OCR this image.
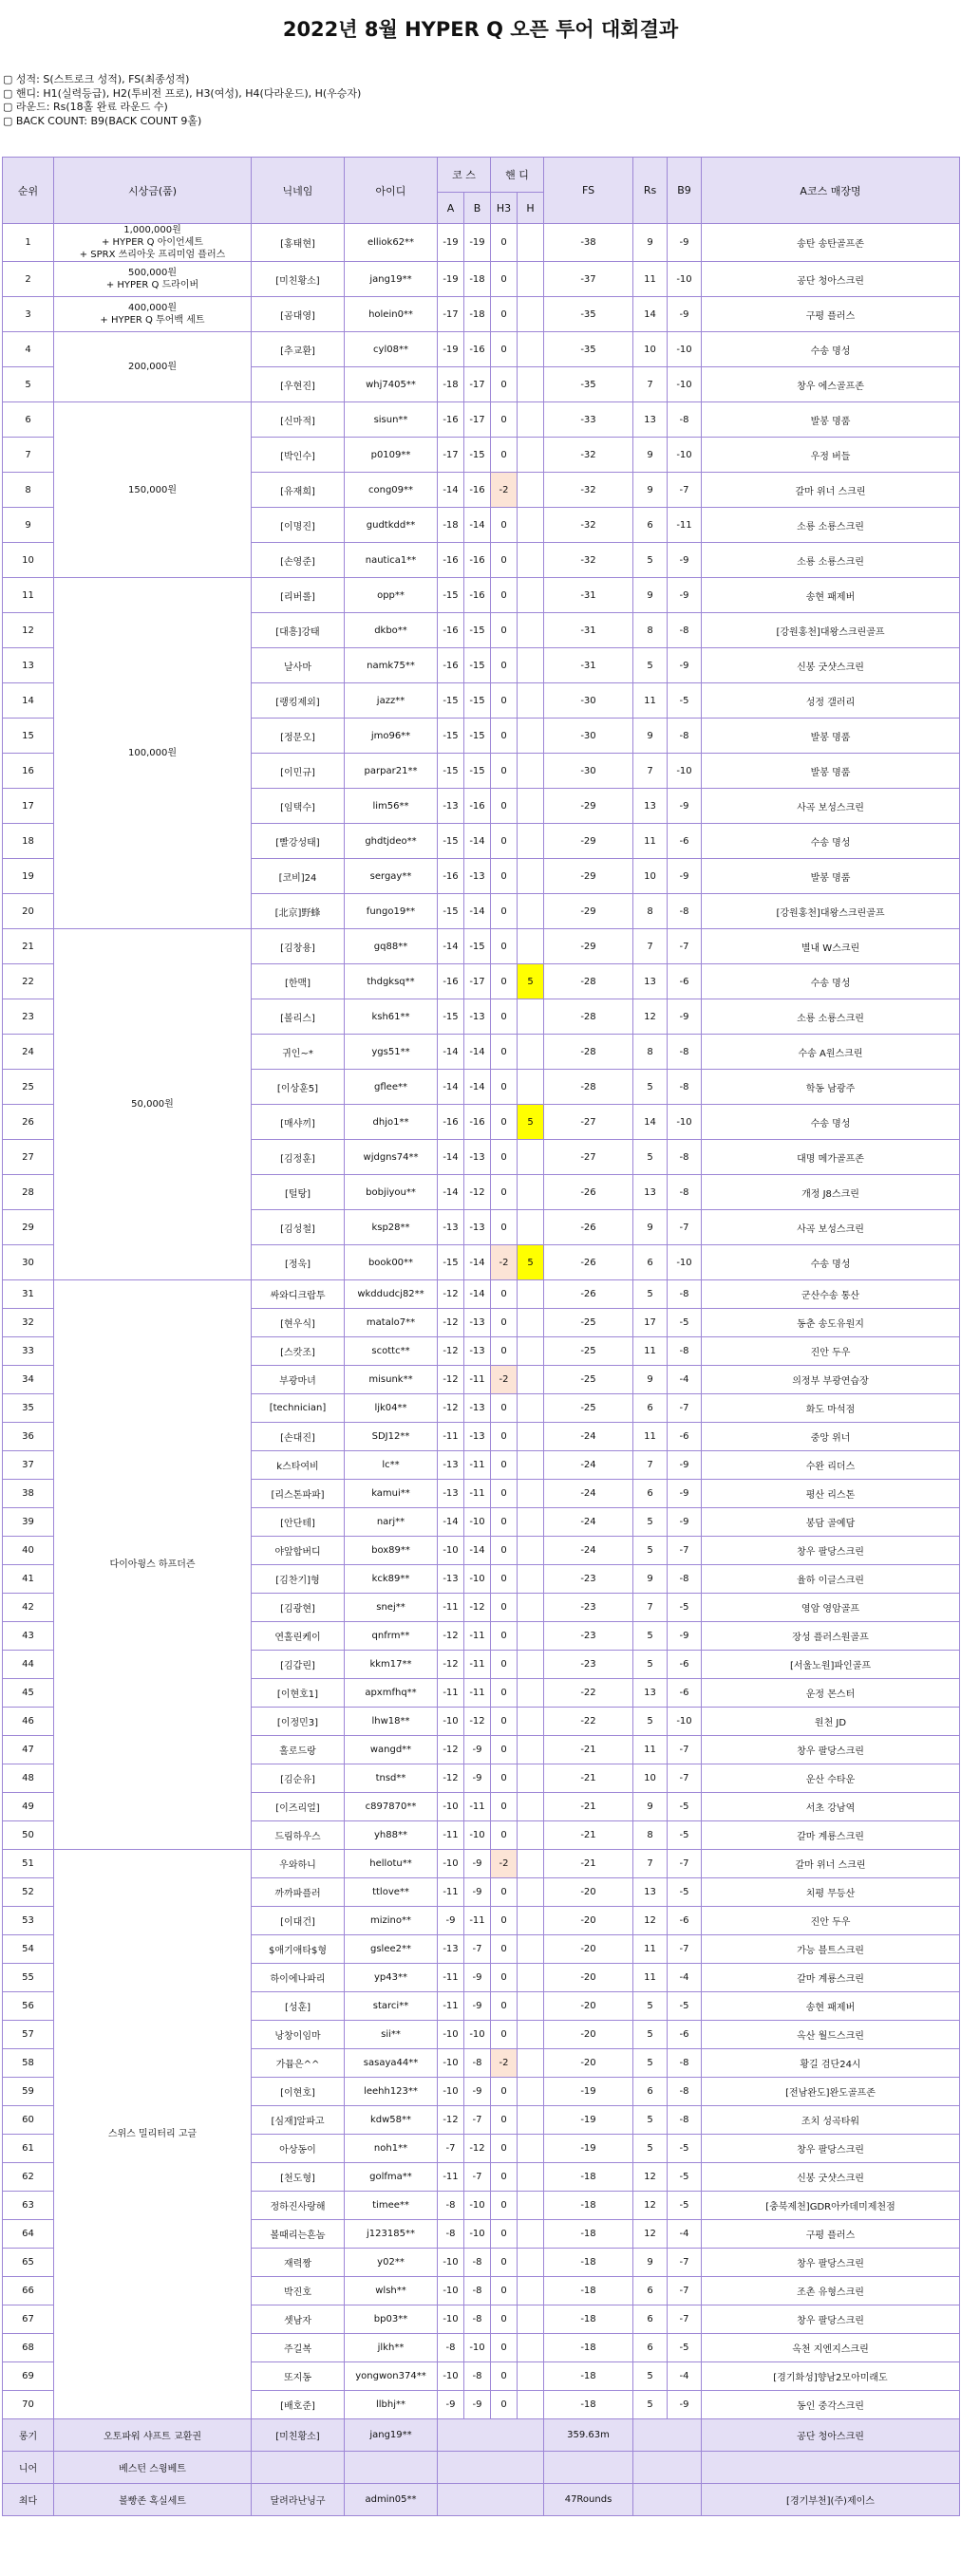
2022년 8월 HYPER Q 오픈 투어 대회결과
▢ 성적: S(스트로크 성적), FS(최종성적)
▢ 핸디: H1(실력등급), H2(투비전 프로), H3(여성), H4(다라운드), H(우승자)
▢ 라운드: Rs(18홀 완료 라운드 수)
▢ BACK COUNT: B9(BACK COUNT 9홀)
순위	시상금(품)	닉네임	아이디	코 스		핸 디		FS	Rs	B9	A코스 매장명
				A	B	H3	H				
1	1,000,000원
+ HYPER Q 아이언세트
+ SPRX 쓰리아웃 프리미엄 플러스	[홍태현]	elliok62**	-19	-19	0		-38	9	-9	송탄 송탄골프존
2	500,000원
+ HYPER Q 드라이버	[미친황소]	jang19**	-19	-18	0		-37	11	-10	공단 청아스크린
3	400,000원
+ HYPER Q 투어백 세트	[곰대영]	holein0**	-17	-18	0		-35	14	-9	구평 플러스
4	200,000원	[추교환]	cyl08**	-19	-16	0		-35	10	-10	수송 명성
5		[우현진]	whj7405**	-18	-17	0		-35	7	-10	창우 에스골프존
6	150,000원	[신마적]	sisun**	-16	-17	0		-33	13	-8	발봉 명품
7		[박인수]	p0109**	-17	-15	0		-32	9	-10	우정 버들
8		[유재희]	cong09**	-14	-16	-2		-32	9	-7	갈마 위너 스크린
9		[이명진]	gudtkdd**	-18	-14	0		-32	6	-11	소룡 소룡스크린
10		[손영준]	nautica1**	-16	-16	0		-32	5	-9	소룡 소룡스크린
11	100,000원	[리버롤]	opp**	-15	-16	0		-31	9	-9	송현 패제버
12		[대흥]강태	dkbo**	-16	-15	0		-31	8	-8	[강원홍천]대왕스크린골프
13		날사마	namk75**	-16	-15	0		-31	5	-9	신봉 굿샷스크린
14		[랭킹제외]	jazz**	-15	-15	0		-30	11	-5	성정 갤러리
15		[정문오]	jmo96**	-15	-15	0		-30	9	-8	발봉 명품
16		[이민규]	parpar21**	-15	-15	0		-30	7	-10	발봉 명품
17		[임택수]	lim56**	-13	-16	0		-29	13	-9	사곡 보성스크린
18		[빨강성태]	ghdtjdeo**	-15	-14	0		-29	11	-6	수송 명성
19		[코비]24	sergay**	-16	-13	0		-29	10	-9	발봉 명품
20		[北京]野蜂	fungo19**	-15	-14	0		-29	8	-8	[강원홍천]대왕스크린골프
21	50,000원	[김창용]	gq88**	-14	-15	0		-29	7	-7	별내 W스크린
22		[한맥]	thdgksq**	-16	-17	0	5	-28	13	-6	수송 명성
23		[볼리스]	ksh61**	-15	-13	0		-28	12	-9	소룡 소룡스크린
24		귀인~*	ygs51**	-14	-14	0		-28	8	-8	수송 A원스크린
25		[이상훈5]	gflee**	-14	-14	0		-28	5	-8	학동 남광주
26		[매샤끼]	dhjo1**	-16	-16	0	5	-27	14	-10	수송 명성
27		[김정훈]	wjdgns74**	-14	-13	0		-27	5	-8	대명 메가골프존
28		[털탕]	bobjiyou**	-14	-12	0		-26	13	-8	개정 J8스크린
29		[김성철]	ksp28**	-13	-13	0		-26	9	-7	사곡 보성스크린
30		[정욱]	book00**	-15	-14	-2	5	-26	6	-10	수송 명성
31	다이아윙스 하프더즌	싸와디크랍투	wkddudcj82**	-12	-14	0		-26	5	-8	군산수송 통산
32		[현우식]	matalo7**	-12	-13	0		-25	17	-5	동춘 송도유원지
33		[스캇조]	scottc**	-12	-13	0		-25	11	-8	진안 두우
34		부광마녀	misunk**	-12	-11	-2		-25	9	-4	의정부 부광연습장
35		[technician]	ljk04**	-12	-13	0		-25	6	-7	화도 마석점
36		[손대진]	SDJ12**	-11	-13	0		-24	11	-6	중앙 위너
37		k스타여비	lc**	-13	-11	0		-24	7	-9	수완 리더스
38		[리스톤파파]	kamui**	-13	-11	0		-24	6	-9	평산 리스톤
39		[안단테]	narj**	-14	-10	0		-24	5	-9	봉담 골예담
40		야앞합버디	box89**	-10	-14	0		-24	5	-7	창우 팔당스크린
41		[김찬기]형	kck89**	-13	-10	0		-23	9	-8	율하 이글스크린
42		[김광현]	snej**	-11	-12	0		-23	7	-5	영암 영암골프
43		연홀린케이	qnfrm**	-12	-11	0		-23	5	-9	장성 플러스원골프
44		[김갑린]	kkm17**	-12	-11	0		-23	5	-6	[서울노원]파인골프
45		[이현호1]	apxmfhq**	-11	-11	0		-22	13	-6	운정 몬스터
46		[이정민3]	lhw18**	-10	-12	0		-22	5	-10	원천 JD
47		홀로드랑	wangd**	-12	-9	0		-21	11	-7	창우 팔당스크린
48		[김순유]	tnsd**	-12	-9	0		-21	10	-7	운산 수타운
49		[이즈리얼]	c897870**	-10	-11	0		-21	9	-5	서초 강남역
50		드림하우스	yh88**	-11	-10	0		-21	8	-5	갈마 계룡스크린
51	스위스 밀리터리 고글	우와하니	hellotu**	-10	-9	-2		-21	7	-7	갈마 위너 스크린
52		까까파플러	ttlove**	-11	-9	0		-20	13	-5	치평 무등산
53		[이대건]	mizino**	-9	-11	0		-20	12	-6	진안 두우
54		$애기애타$형	gslee2**	-13	-7	0		-20	11	-7	가능 블트스크린
55		하이에나파리	yp43**	-11	-9	0		-20	11	-4	갈마 계룡스크린
56		[성훈]	starci**	-11	-9	0		-20	5	-5	송현 패제버
57		낭창이임마	sii**	-10	-10	0		-20	5	-6	옥산 월드스크린
58		가뮴은^^	sasaya44**	-10	-8	-2		-20	5	-8	황길 검단24시
59		[이현호]	leehh123**	-10	-9	0		-19	6	-8	[전남완도]완도골프존
60		[심재]알파고	kdw58**	-12	-7	0		-19	5	-8	조치 성곡타워
61		아상동이	noh1**	-7	-12	0		-19	5	-5	창우 팔당스크린
62		[천도형]	golfma**	-11	-7	0		-18	12	-5	신봉 굿샷스크린
63		정하진사랑해	timee**	-8	-10	0		-18	12	-5	[충북제천]GDR아카데미제천점
64		볼때리는흔놈	j123185**	-8	-10	0		-18	12	-4	구평 플러스
65		재력짱	y02**	-10	-8	0		-18	9	-7	창우 팔당스크린
66		박진호	wlsh**	-10	-8	0		-18	6	-7	조촌 유형스크린
67		셋남자	bp03**	-10	-8	0		-18	6	-7	창우 팔당스크린
68		주길복	jlkh**	-8	-10	0		-18	6	-5	옥천 지엔지스크린
69		또지동	yongwon374**	-10	-8	0		-18	5	-4	[경기화성]향남2모아미래도
70		[배호준]	llbhj**	-9	-9	0		-18	5	-9	동인 중각스크린
롱기	오토파워 샤프트 교환권	[미친황소]	jang19**					359.63m			공단 청아스크린
니어	베스턴 스윙베트										
최다	볼빵존 혹실세트	달려라난닝구	admin05**					47Rounds			[경기부천](주)제이스
